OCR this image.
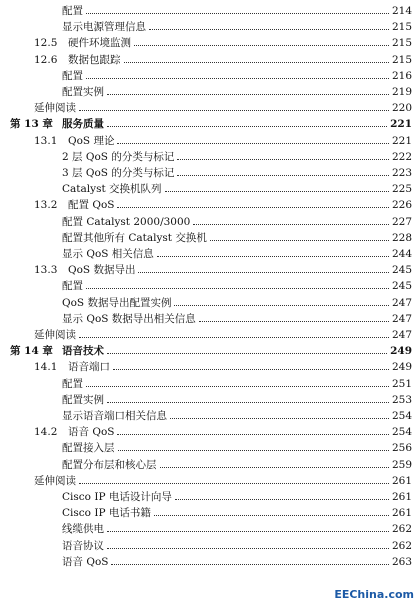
配置	214
显示电源管理信息	215
12.5 硬件环境监测	215
12.6 数据包跟踪	215
配置	216
配置实例	219
延伸阅读	220
第 13 章 服务质量	221
13.1 QoS 理论	221
2 层 QoS 的分类与标记	222
3 层 QoS 的分类与标记	223
Catalyst 交换机队列	225
13.2 配置 QoS	226
配置 Catalyst 2000/3000	227
配置其他所有 Catalyst 交换机	228
显示 QoS 相关信息	244
13.3 QoS 数据导出	245
配置	245
QoS 数据导出配置实例	247
显示 QoS 数据导出相关信息	247
延伸阅读	247
第 14 章 语音技术	249
14.1 语音端口	249
配置	251
配置实例	253
显示语音端口相关信息	254
14.2 语音 QoS	254
配置接入层	256
配置分布层和核心层	259
延伸阅读	261
Cisco IP 电话设计向导	261
Cisco IP 电话书籍	261
线缆供电	262
语音协议	262
语音 QoS	263
EEChina.com
